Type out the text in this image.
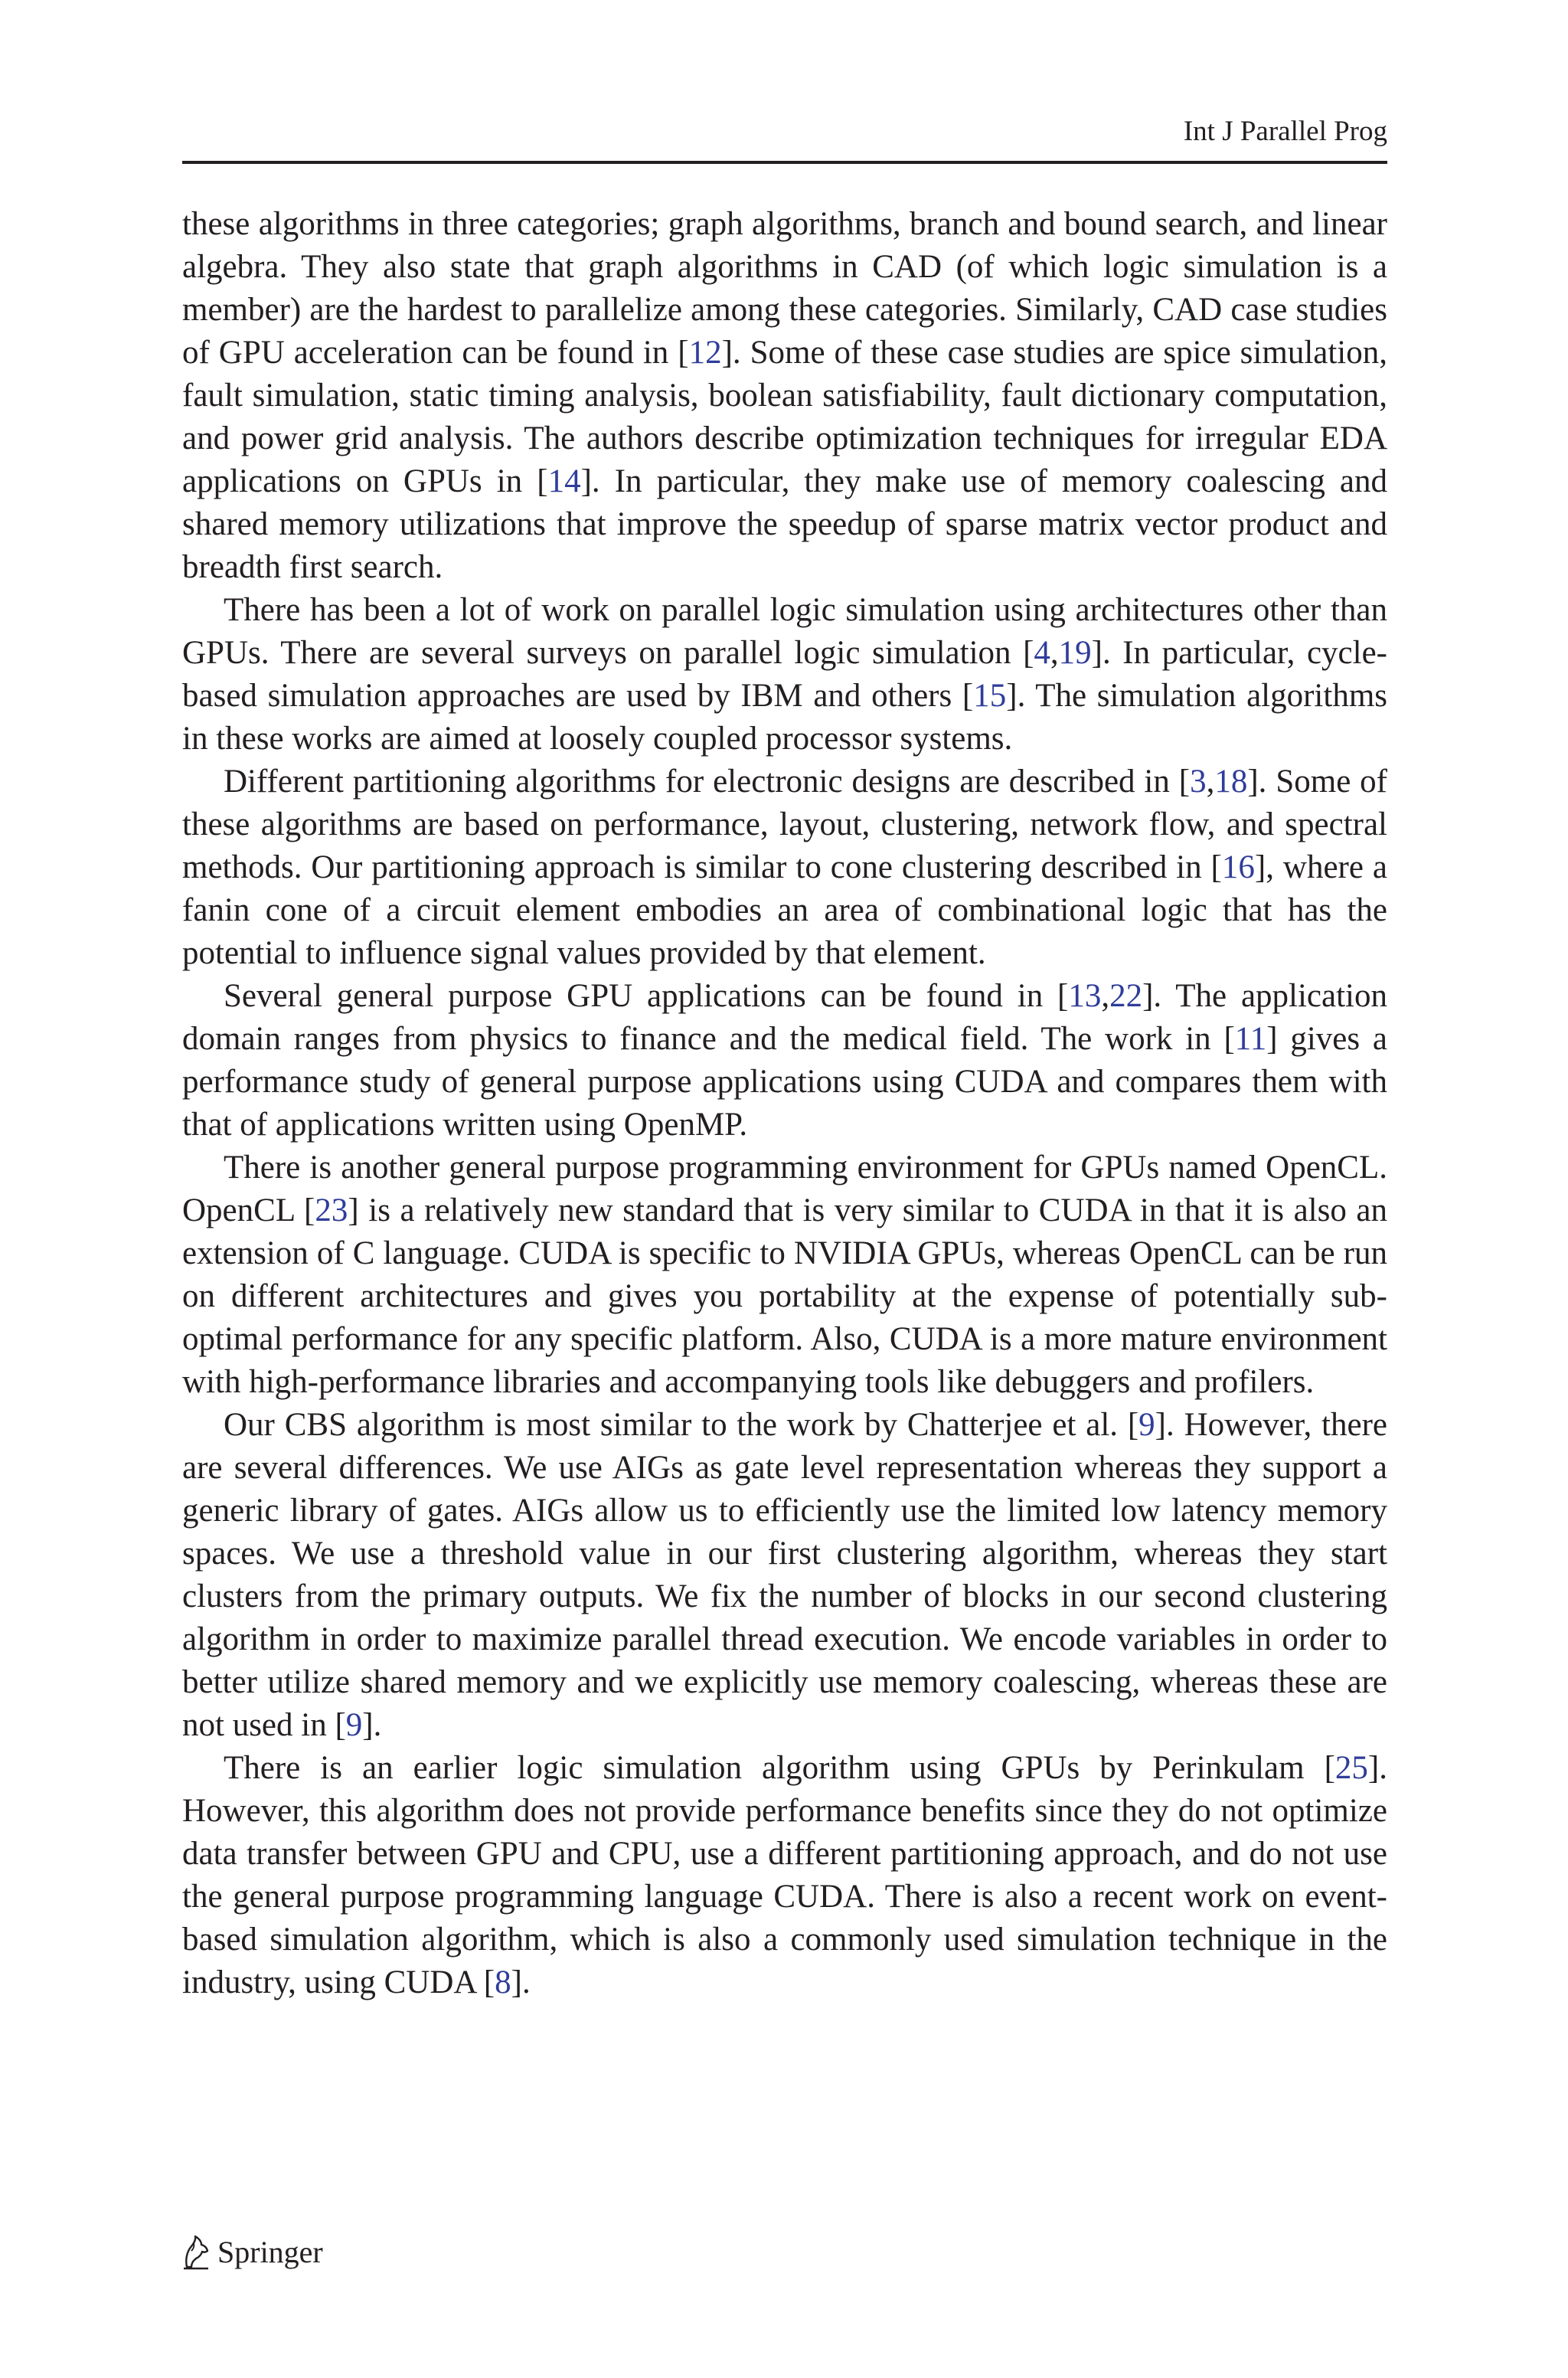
Int J Parallel Prog

these algorithms in three categories; graph algorithms, branch and bound search, and linear algebra. They also state that graph algorithms in CAD (of which logic simulation is a member) are the hardest to parallelize among these categories. Similarly, CAD case studies of GPU acceleration can be found in [12]. Some of these case studies are spice simulation, fault simulation, static timing analysis, boolean satisfiability, fault dictionary computation, and power grid analysis. The authors describe optimization techniques for irregular EDA applications on GPUs in [14]. In particular, they make use of memory coalescing and shared memory utilizations that improve the speedup of sparse matrix vector product and breadth first search.

There has been a lot of work on parallel logic simulation using architectures other than GPUs. There are several surveys on parallel logic simulation [4,19]. In particular, cycle-based simulation approaches are used by IBM and others [15]. The simulation algorithms in these works are aimed at loosely coupled processor systems.

Different partitioning algorithms for electronic designs are described in [3,18]. Some of these algorithms are based on performance, layout, clustering, network flow, and spectral methods. Our partitioning approach is similar to cone clustering described in [16], where a fanin cone of a circuit element embodies an area of combinational logic that has the potential to influence signal values provided by that element.

Several general purpose GPU applications can be found in [13,22]. The application domain ranges from physics to finance and the medical field. The work in [11] gives a performance study of general purpose applications using CUDA and compares them with that of applications written using OpenMP.

There is another general purpose programming environment for GPUs named OpenCL. OpenCL [23] is a relatively new standard that is very similar to CUDA in that it is also an extension of C language. CUDA is specific to NVIDIA GPUs, whereas OpenCL can be run on different architectures and gives you portability at the expense of potentially sub-optimal performance for any specific platform. Also, CUDA is a more mature environment with high-performance libraries and accompanying tools like debuggers and profilers.

Our CBS algorithm is most similar to the work by Chatterjee et al. [9]. However, there are several differences. We use AIGs as gate level representation whereas they support a generic library of gates. AIGs allow us to efficiently use the limited low latency memory spaces. We use a threshold value in our first clustering algorithm, whereas they start clusters from the primary outputs. We fix the number of blocks in our second clustering algorithm in order to maximize parallel thread execution. We encode variables in order to better utilize shared memory and we explicitly use memory coalescing, whereas these are not used in [9].

There is an earlier logic simulation algorithm using GPUs by Perinkulam [25]. However, this algorithm does not provide performance benefits since they do not optimize data transfer between GPU and CPU, use a different partitioning approach, and do not use the general purpose programming language CUDA. There is also a recent work on event-based simulation algorithm, which is also a commonly used simulation technique in the industry, using CUDA [8].

Springer
